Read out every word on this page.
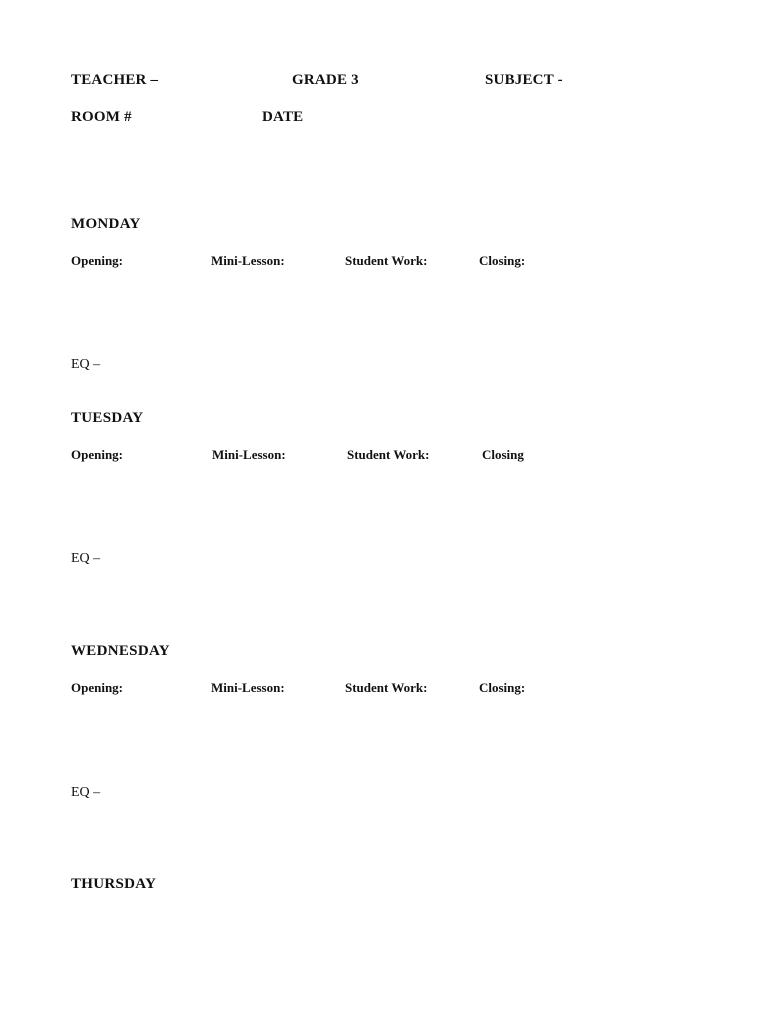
TEACHER –	GRADE 3	SUBJECT -
ROOM #	DATE
MONDAY
Opening:	Mini-Lesson:	Student Work:	Closing:
EQ –
TUESDAY
Opening:	Mini-Lesson:	Student Work:	Closing
EQ –
WEDNESDAY
Opening:	Mini-Lesson:	Student Work:	Closing:
EQ –
THURSDAY
